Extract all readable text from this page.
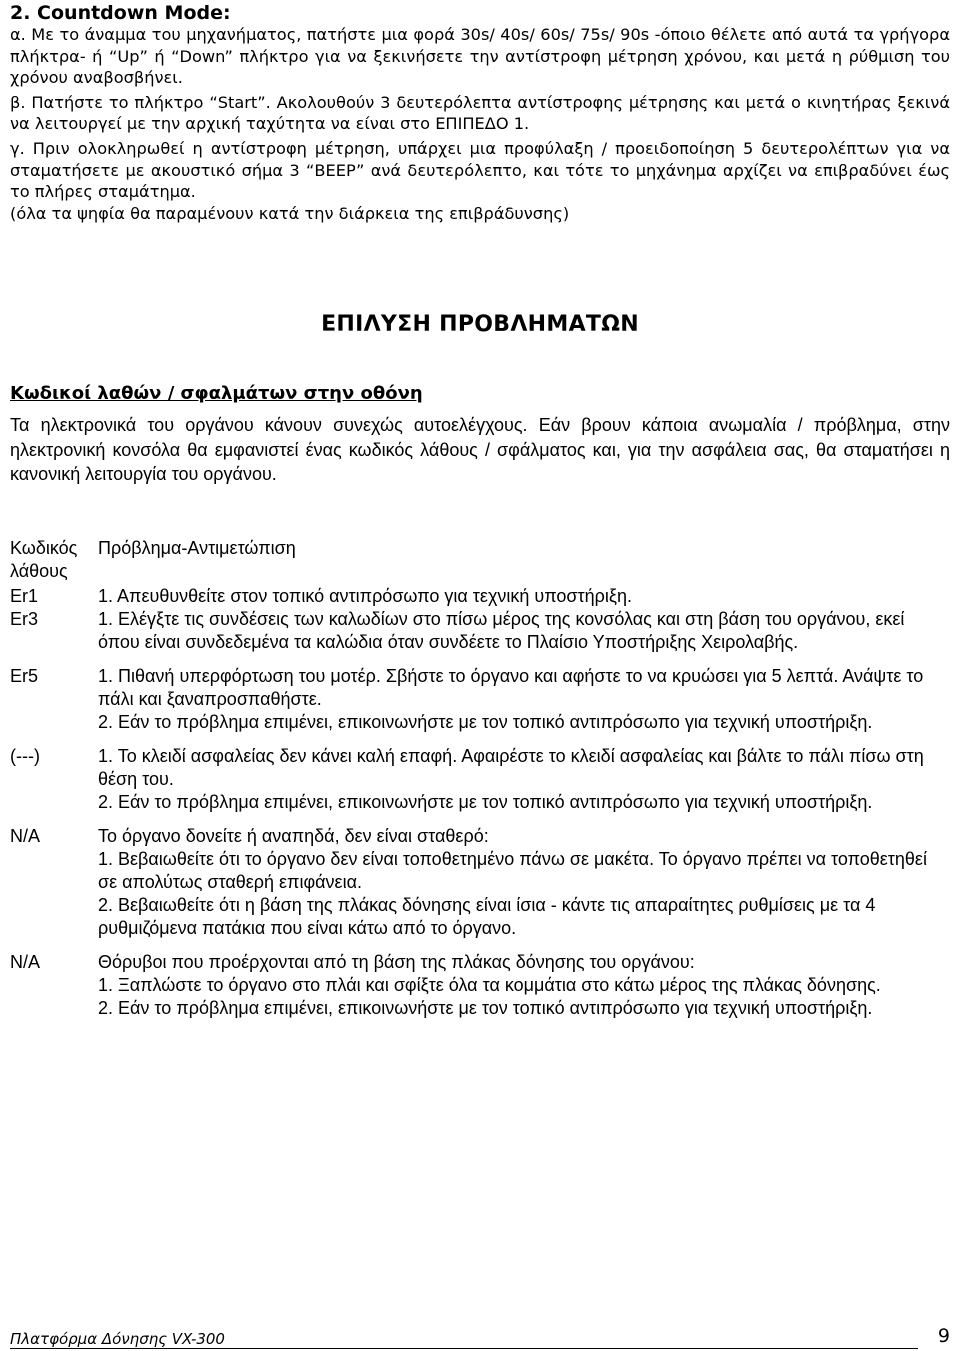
2. Countdown Mode:

α. Με το άναμμα του μηχανήματος, πατήστε μια φορά 30s/ 40s/ 60s/ 75s/ 90s -όποιο θέλετε από αυτά τα γρήγορα πλήκτρα- ή “Up” ή “Down” πλήκτρο για να ξεκινήσετε την αντίστροφη μέτρηση χρόνου, και μετά η ρύθμιση του χρόνου αναβοσβήνει.

β. Πατήστε το πλήκτρο “Start”. Ακολουθούν 3 δευτερόλεπτα αντίστροφης μέτρησης και μετά ο κινητήρας ξεκινά να λειτουργεί με την αρχική ταχύτητα να είναι στο ΕΠΙΠΕΔΟ 1.

γ. Πριν ολοκληρωθεί η αντίστροφη μέτρηση, υπάρχει μια προφύλαξη / προειδοποίηση 5 δευτερολέπτων για να σταματήσετε με ακουστικό σήμα 3 “BEEP” ανά δευτερόλεπτο, και τότε το μηχάνημα αρχίζει να επιβραδύνει έως το πλήρες σταμάτημα.

(όλα τα ψηφία θα παραμένουν κατά την διάρκεια της επιβράδυνσης)

ΕΠΙΛΥΣΗ ΠΡΟΒΛΗΜΑΤΩΝ
Κωδικοί λαθών / σφαλμάτων στην οθόνη

Τα ηλεκτρονικά του οργάνου κάνουν συνεχώς αυτοελέγχους. Εάν βρουν κάποια ανωμαλία / πρόβλημα, στην ηλεκτρονική κονσόλα θα εμφανιστεί ένας κωδικός λάθους / σφάλματος και, για την ασφάλεια σας, θα σταματήσει η κανονική λειτουργία του οργάνου.

Κωδικός λάθους	Πρόβλημα-Αντιμετώπιση
Er1	1. Απευθυνθείτε στον τοπικό αντιπρόσωπο για τεχνική υποστήριξη.

Er3	1. Ελέγξτε τις συνδέσεις των καλωδίων στο πίσω μέρος της κονσόλας και στη βάση του οργάνου, εκεί όπου είναι συνδεδεμένα τα καλώδια όταν συνδέετε το Πλαίσιο Υποστήριξης Χειρολαβής.

Er5	1. Πιθανή υπερφόρτωση του μοτέρ. Σβήστε το όργανο και αφήστε το να κρυώσει για 5 λεπτά. Ανάψτε το πάλι και ξαναπροσπαθήστε.
2. Εάν το πρόβλημα επιμένει, επικοινωνήστε με τον τοπικό αντιπρόσωπο για τεχνική υποστήριξη.

(---)	1. Το κλειδί ασφαλείας δεν κάνει καλή επαφή. Αφαιρέστε το κλειδί ασφαλείας και βάλτε το πάλι πίσω στη θέση του.
2. Εάν το πρόβλημα επιμένει, επικοινωνήστε με τον τοπικό αντιπρόσωπο για τεχνική υποστήριξη.

N/A	Το όργανο δονείτε ή αναπηδά, δεν είναι σταθερό:
1. Βεβαιωθείτε ότι το όργανο δεν είναι τοποθετημένο πάνω σε μακέτα. Το όργανο πρέπει να τοποθετηθεί σε απολύτως σταθερή επιφάνεια.
2. Βεβαιωθείτε ότι η βάση της πλάκας δόνησης είναι ίσια - κάντε τις απαραίτητες ρυθμίσεις με τα 4 ρυθμιζόμενα πατάκια που είναι κάτω από το όργανο.

N/A	Θόρυβοι που προέρχονται από τη βάση της πλάκας δόνησης του οργάνου:
1. Ξαπλώστε το όργανο στο πλάι και σφίξτε όλα τα κομμάτια στο κάτω μέρος της πλάκας δόνησης.
2. Εάν το πρόβλημα επιμένει, επικοινωνήστε με τον τοπικό αντιπρόσωπο για τεχνική υποστήριξη.
Πλατφόρμα Δόνησης VX-300	9
